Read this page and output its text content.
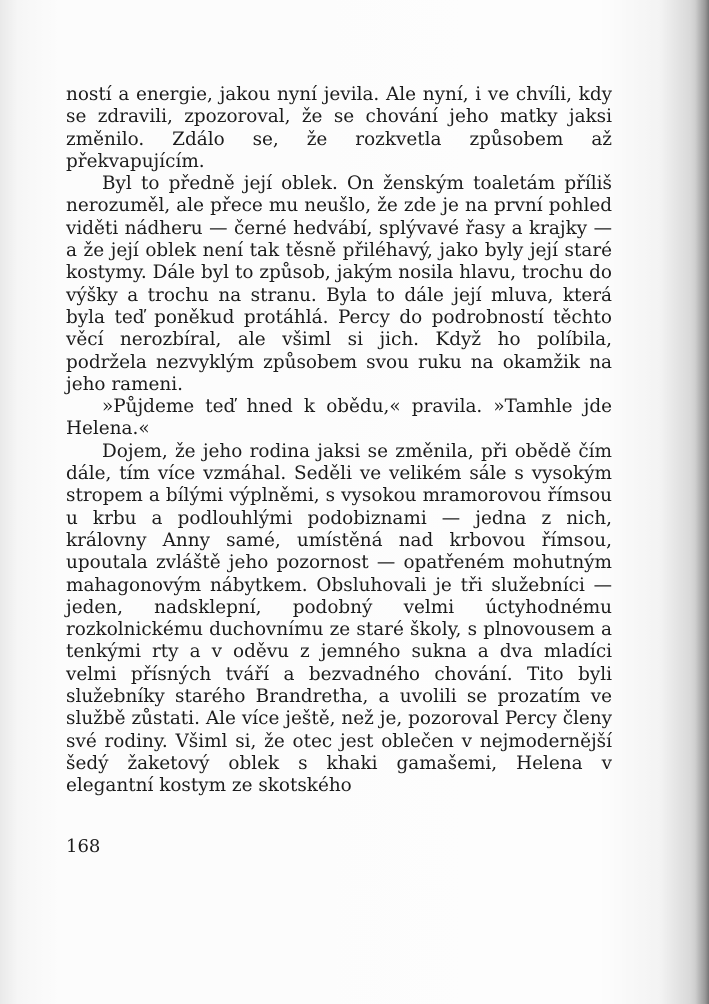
ností a energie, jakou nyní jevila. Ale nyní, i ve chvíli, kdy se zdravili, zpozoroval, že se chování jeho matky jaksi změnilo. Zdálo se, že rozkvetla způsobem až překvapujícím.

Byl to předně její oblek. On ženským toaletám příliš nerozuměl, ale přece mu neušlo, že zde je na první pohled viděti nádheru — černé hedvábí, splývavé řasy a krajky — a že její oblek není tak těsně přiléhavý, jako byly její staré kostymy. Dále byl to způsob, jakým nosila hlavu, trochu do výšky a trochu na stranu. Byla to dále její mluva, která byla teď poněkud protáhlá. Percy do podrobností těchto věcí nerozbíral, ale všiml si jich. Když ho políbila, podržela nezvyklým způsobem svou ruku na okamžik na jeho rameni.

»Půjdeme teď hned k obědu,« pravila. »Tamhle jde Helena.«

Dojem, že jeho rodina jaksi se změnila, při obědě čím dále, tím více vzmáhal. Seděli ve velikém sále s vysokým stropem a bílými výplněmi, s vysokou mramorovou římsou u krbu a podlouhlými podobiznami — jedna z nich, královny Anny samé, umístěná nad krbovou římsou, upoutala zvláště jeho pozornost — opatřeném mohutným mahagonovým nábytkem. Obsluhovali je tři služebníci — jeden, nadsklepní, podobný velmi úctyhodnému rozkolnickému duchovnímu ze staré školy, s plnovousem a tenkými rty a v oděvu z jemného sukna a dva mladíci velmi přísných tváří a bezvadného chování. Tito byli služebníky starého Brandretha, a uvolili se prozatím ve službě zůstati. Ale více ještě, než je, pozoroval Percy členy své rodiny. Všiml si, že otec jest oblečen v nejmodernější šedý žaketový oblek s khaki gamašemi, Helena v elegantní kostym ze skotského

168
